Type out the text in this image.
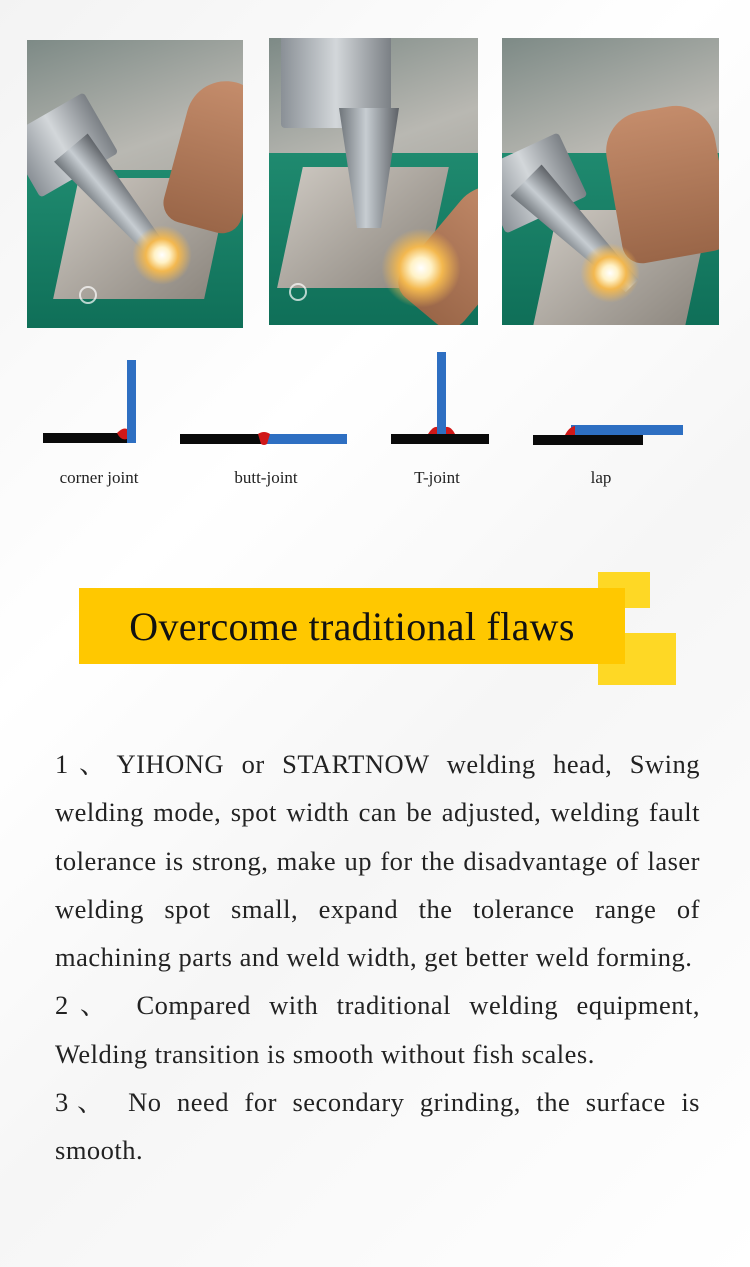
corner joint	butt-joint	T-joint	lap
Overcome traditional flaws

1、YIHONG or STARTNOW welding head, Swing welding mode, spot width can be adjusted, welding fault tolerance is strong, make up for the disadvantage of laser welding spot small, expand the tolerance range of machining parts and weld width, get better weld forming.

2、 Compared with traditional welding equipment, Welding transition is smooth without fish scales.

3、 No need for secondary grinding, the surface is smooth.
